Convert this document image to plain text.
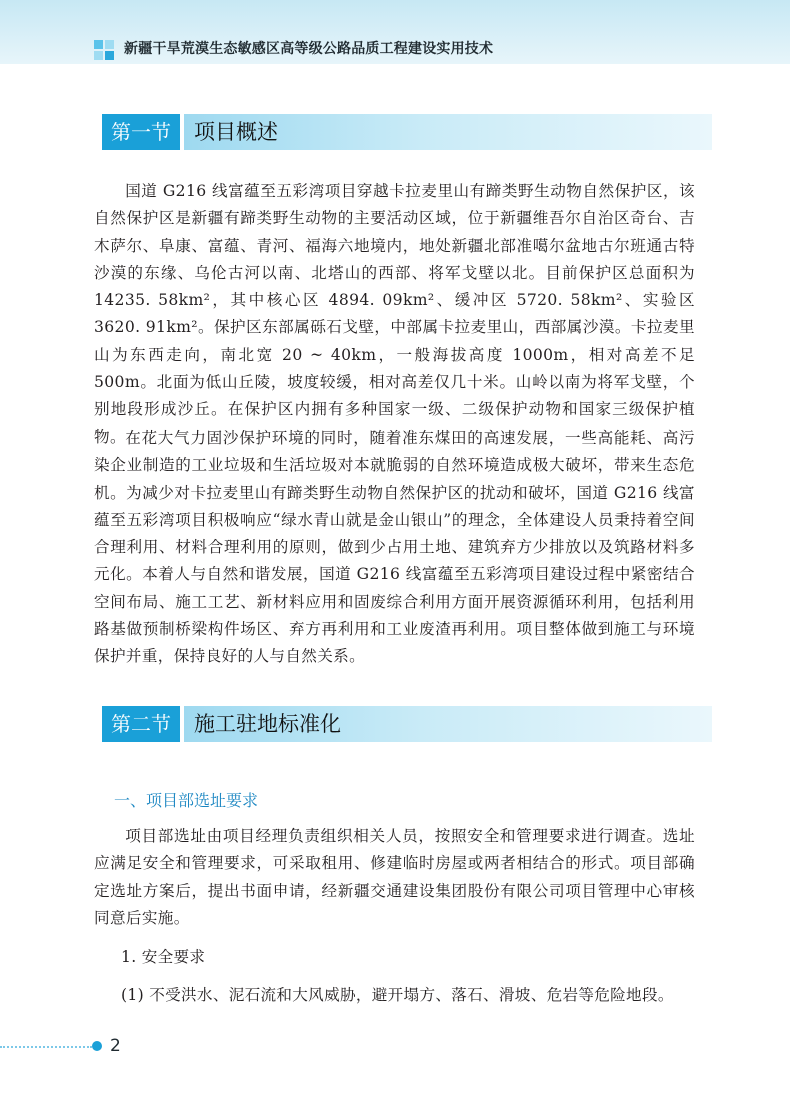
新疆干旱荒漠生态敏感区高等级公路品质工程建设实用技术
第一节	项目概述

国道 G216 线富蕴至五彩湾项目穿越卡拉麦里山有蹄类野生动物自然保护区，该自然保护区是新疆有蹄类野生动物的主要活动区域，位于新疆维吾尔自治区奇台、吉木萨尔、阜康、富蕴、青河、福海六地境内，地处新疆北部准噶尔盆地古尔班通古特沙漠的东缘、乌伦古河以南、北塔山的西部、将军戈壁以北。目前保护区总面积为 14235. 58km²，其中核心区 4894. 09km²、缓冲区 5720. 58km²、实验区 3620. 91km²。保护区东部属砾石戈壁，中部属卡拉麦里山，西部属沙漠。卡拉麦里山为东西走向，南北宽 20 ~ 40km，一般海拔高度 1000m，相对高差不足 500m。北面为低山丘陵，坡度较缓，相对高差仅几十米。山岭以南为将军戈壁，个别地段形成沙丘。在保护区内拥有多种国家一级、二级保护动物和国家三级保护植物。 在花大气力固沙保护环境的同时，随着准东煤田的高速发展，一些高能耗、高污染企业制造的工业垃圾和生活垃圾对本就脆弱的自然环境造成极大破坏，带来生态危机。为减少对卡拉麦里山有蹄类野生动物自然保护区的扰动和破坏，国道 G216 线富蕴至五彩湾项目积极响应“绿水青山就是金山银山”的理念，全体建设人员秉持着空间合理利用、材料合理利用的原则，做到少占用土地、建筑弃方少排放以及筑路材料多元化。本着人与自然和谐发展，国道 G216 线富蕴至五彩湾项目建设过程中紧密结合空间布局、施工工艺、新材料应用和固废综合利用方面开展资源循环利用，包括利用路基做预制桥梁构件场区、弃方再利用和工业废渣再利用。项目整体做到施工与环境保护并重，保持良好的人与自然关系。

第二节	施工驻地标准化
一、项目部选址要求

项目部选址由项目经理负责组织相关人员，按照安全和管理要求进行调查。选址应满足安全和管理要求，可采取租用、修建临时房屋或两者相结合的形式。项目部确定选址方案后，提出书面申请，经新疆交通建设集团股份有限公司项目管理中心审核同意后实施。

1. 安全要求

(1) 不受洪水、泥石流和大风威胁，避开塌方、落石、滑坡、危岩等危险地段。

2
